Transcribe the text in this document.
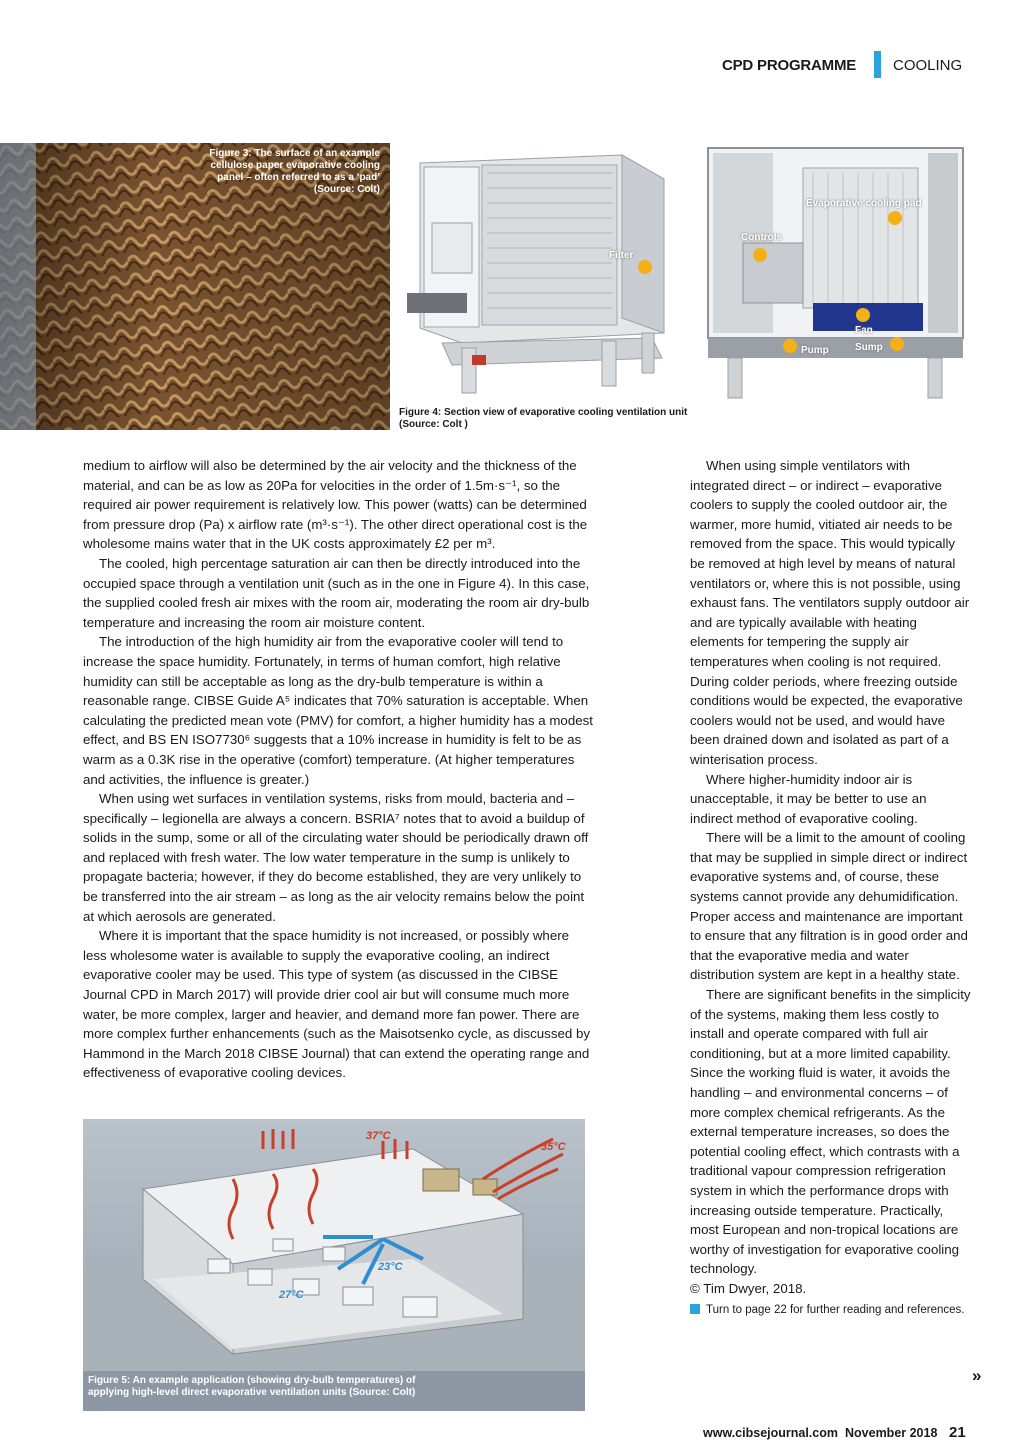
CPD PROGRAMME COOLING
Figure 3: The surface of an example
cellulose paper evaporative cooling
panel – often referred to as a ‘pad’
(Source: Colt)
Filter
Evaporative cooling pad
Controls
Fan
Sump
Pump
Figure 4: Section view of evaporative cooling ventilation unit
(Source: Colt )

medium to airflow will also be determined by the air velocity and the thickness of the material, and can be as low as 20Pa for velocities in the order of 1.5m·s⁻¹, so the required air power requirement is relatively low. This power (watts) can be determined from pressure drop (Pa) x airflow rate (m³·s⁻¹). The other direct operational cost is the wholesome mains water that in the UK costs approximately £2 per m³.

The cooled, high percentage saturation air can then be directly introduced into the occupied space through a ventilation unit (such as in the one in Figure 4). In this case, the supplied cooled fresh air mixes with the room air, moderating the room air dry-bulb temperature and increasing the room air moisture content.

The introduction of the high humidity air from the evaporative cooler will tend to increase the space humidity. Fortunately, in terms of human comfort, high relative humidity can still be acceptable as long as the dry-bulb temperature is within a reasonable range. CIBSE Guide A⁵ indicates that 70% saturation is acceptable. When calculating the predicted mean vote (PMV) for comfort, a higher humidity has a modest effect, and BS EN ISO7730⁶ suggests that a 10% increase in humidity is felt to be as warm as a 0.3K rise in the operative (comfort) temperature. (At higher temperatures and activities, the influence is greater.)

When using wet surfaces in ventilation systems, risks from mould, bacteria and – specifically – legionella are always a concern. BSRIA⁷ notes that to avoid a buildup of solids in the sump, some or all of the circulating water should be periodically drawn off and replaced with fresh water. The low water temperature in the sump is unlikely to propagate bacteria; however, if they do become established, they are very unlikely to be transferred into the air stream – as long as the air velocity remains below the point at which aerosols are generated.

Where it is important that the space humidity is not increased, or possibly where less wholesome water is available to supply the evaporative cooling, an indirect evaporative cooler may be used. This type of system (as discussed in the CIBSE Journal CPD in March 2017) will provide drier cool air but will consume much more water, be more complex, larger and heavier, and demand more fan power. There are more complex further enhancements (such as the Maisotsenko cycle, as discussed by Hammond in the March 2018 CIBSE Journal) that can extend the operating range and effectiveness of evaporative cooling devices.

When using simple ventilators with integrated direct – or indirect – evaporative coolers to supply the cooled outdoor air, the warmer, more humid, vitiated air needs to be removed from the space. This would typically be removed at high level by means of natural ventilators or, where this is not possible, using exhaust fans. The ventilators supply outdoor air and are typically available with heating elements for tempering the supply air temperatures when cooling is not required. During colder periods, where freezing outside conditions would be expected, the evaporative coolers would not be used, and would have been drained down and isolated as part of a winterisation process.

Where higher-humidity indoor air is unacceptable, it may be better to use an indirect method of evaporative cooling.

There will be a limit to the amount of cooling that may be supplied in simple direct or indirect evaporative systems and, of course, these systems cannot provide any dehumidification. Proper access and maintenance are important to ensure that any filtration is in good order and that the evaporative media and water distribution system are kept in a healthy state.

There are significant benefits in the simplicity of the systems, making them less costly to install and operate compared with full air conditioning, but at a more limited capability. Since the working fluid is water, it avoids the handling – and environmental concerns – of more complex chemical refrigerants. As the external temperature increases, so does the potential cooling effect, which contrasts with a traditional vapour compression refrigeration system in which the performance drops with increasing outside temperature. Practically, most European and non-tropical locations are worthy of investigation for evaporative cooling technology.

© Tim Dwyer, 2018.

Turn to page 22 for further reading and references.
»
37°C
35°C
23°C
27°C
Figure 5: An example application (showing dry-bulb temperatures) of
applying high-level direct evaporative ventilation units (Source: Colt)
www.cibsejournal.com November 2018 21
